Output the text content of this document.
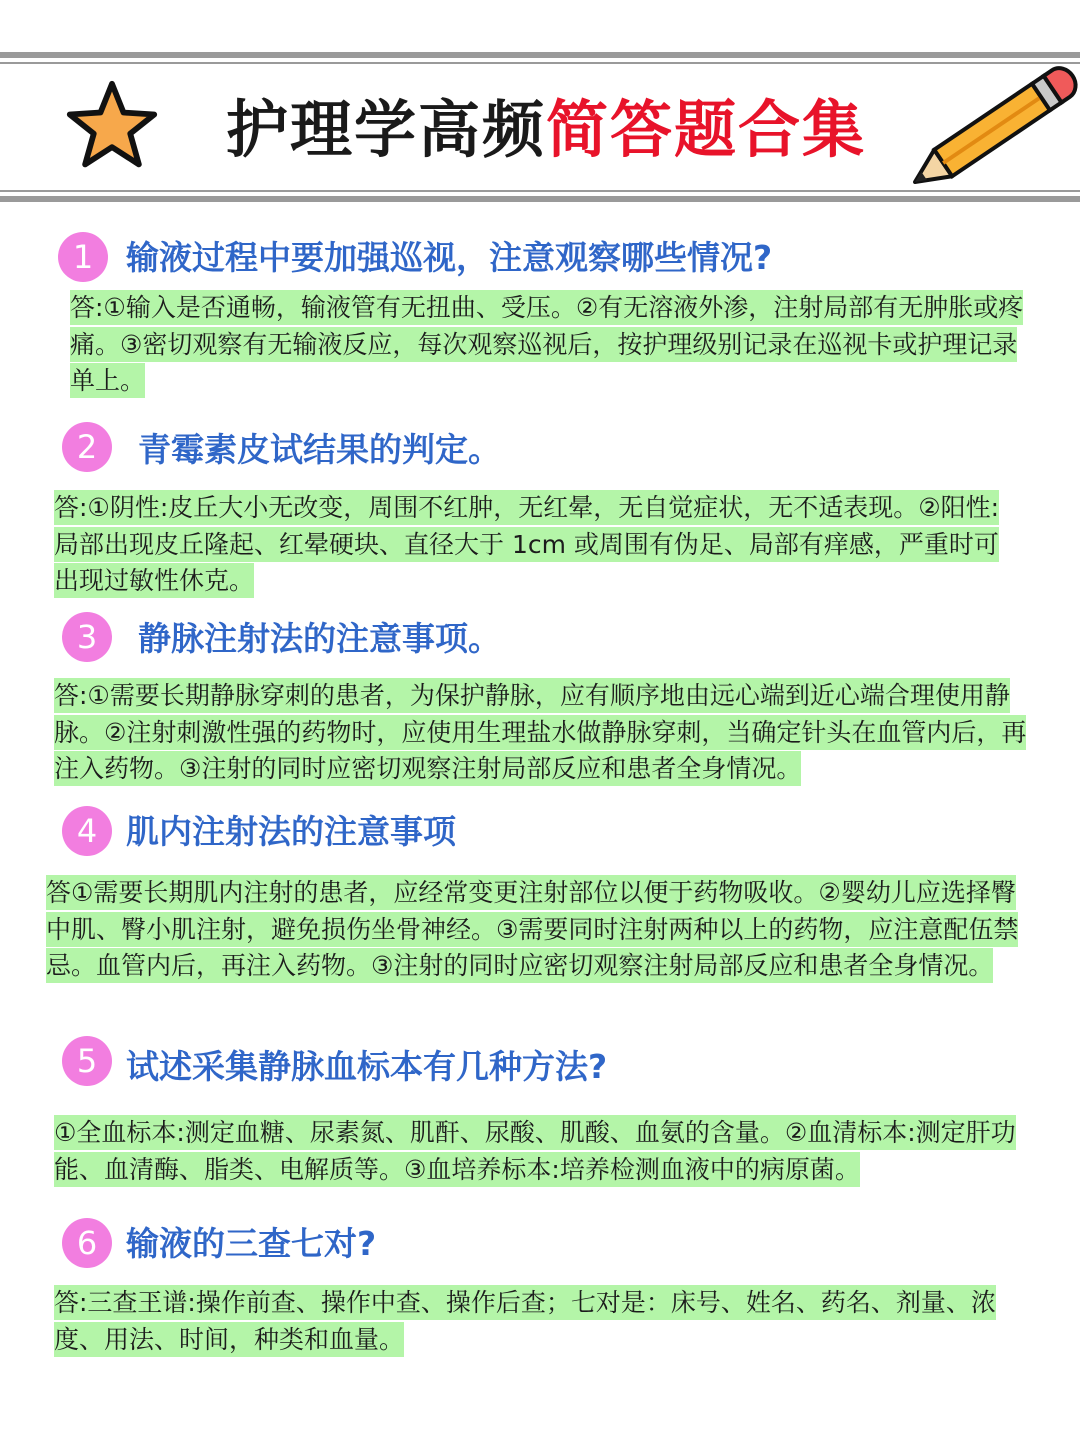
护理学高频简答题合集
1 输液过程中要加强巡视，注意观察哪些情况?
答:①输入是否通畅，输液管有无扭曲、受压。②有无溶液外渗，注射局部有无肿胀或疼痛。③密切观察有无输液反应，每次观察巡视后，按护理级别记录在巡视卡或护理记录单上。
2	青霉素皮试结果的判定。
答:①阴性:皮丘大小无改变，周围不红肿，无红晕，无自觉症状，无不适表现。②阳性:局部出现皮丘隆起、红晕硬块、直径大于 1cm 或周围有伪足、局部有痒感，严重时可出现过敏性休克。
3	静脉注射法的注意事项。
答:①需要长期静脉穿刺的患者，为保护静脉，应有顺序地由远心端到近心端合理使用静脉。②注射刺激性强的药物时，应使用生理盐水做静脉穿刺，当确定针头在血管内后，再注入药物。③注射的同时应密切观察注射局部反应和患者全身情况。
4 肌内注射法的注意事项
答①需要长期肌内注射的患者，应经常变更注射部位以便于药物吸收。②婴幼儿应选择臀中肌、臀小肌注射，避免损伤坐骨神经。③需要同时注射两种以上的药物，应注意配伍禁忌。血管内后，再注入药物。③注射的同时应密切观察注射局部反应和患者全身情况。
5 试述采集静脉血标本有几种方法?
①全血标本:测定血糖、尿素氮、肌酐、尿酸、肌酸、血氨的含量。②血清标本:测定肝功能、血清酶、脂类、电解质等。③血培养标本:培养检测血液中的病原菌。
6 输液的三查七对?
答:三查玊谱:操作前查、操作中查、操作后查；七对是：床号、姓名、药名、剂量、浓度、用法、时间，种类和血量。
